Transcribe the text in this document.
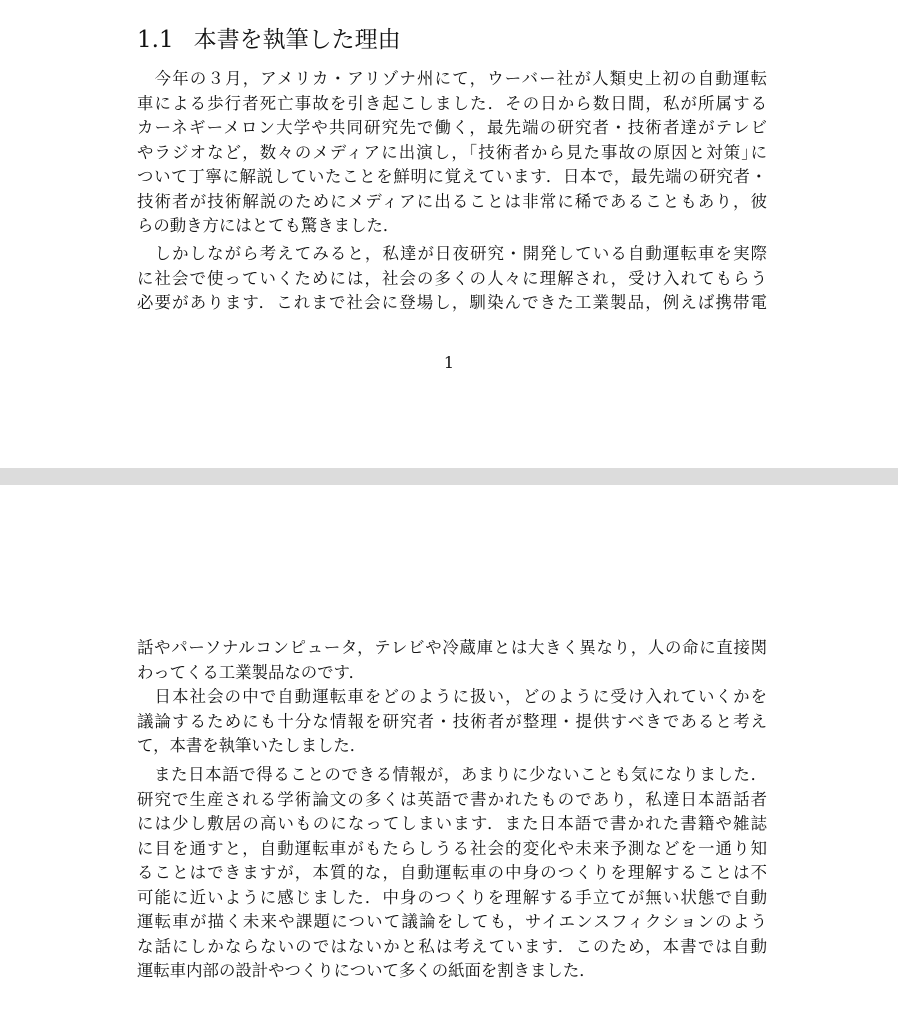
1.1 本書を執筆した理由
　今年の３月，アメリカ・アリゾナ州にて，ウーバー社が人類史上初の自動運転
車による歩行者死亡事故を引き起こしました．その日から数日間，私が所属する
カーネギーメロン大学や共同研究先で働く，最先端の研究者・技術者達がテレビ
やラジオなど，数々のメディアに出演し，｢技術者から見た事故の原因と対策｣に
ついて丁寧に解説していたことを鮮明に覚えています．日本で，最先端の研究者・
技術者が技術解説のためにメディアに出ることは非常に稀であることもあり，彼
らの動き方にはとても驚きました．
　しかしながら考えてみると，私達が日夜研究・開発している自動運転車を実際
に社会で使っていくためには，社会の多くの人々に理解され，受け入れてもらう
必要があります．これまで社会に登場し，馴染んできた工業製品，例えば携帯電
1
話やパーソナルコンピュータ，テレビや冷蔵庫とは大きく異なり，人の命に直接関
わってくる工業製品なのです．
　日本社会の中で自動運転車をどのように扱い，どのように受け入れていくかを
議論するためにも十分な情報を研究者・技術者が整理・提供すべきであると考え
て，本書を執筆いたしました．
　また日本語で得ることのできる情報が，あまりに少ないことも気になりました．
研究で生産される学術論文の多くは英語で書かれたものであり，私達日本語話者
には少し敷居の高いものになってしまいます．また日本語で書かれた書籍や雑誌
に目を通すと，自動運転車がもたらしうる社会的変化や未来予測などを一通り知
ることはできますが，本質的な，自動運転車の中身のつくりを理解することは不
可能に近いように感じました．中身のつくりを理解する手立てが無い状態で自動
運転車が描く未来や課題について議論をしても，サイエンスフィクションのよう
な話にしかならないのではないかと私は考えています．このため，本書では自動
運転車内部の設計やつくりについて多くの紙面を割きました．
